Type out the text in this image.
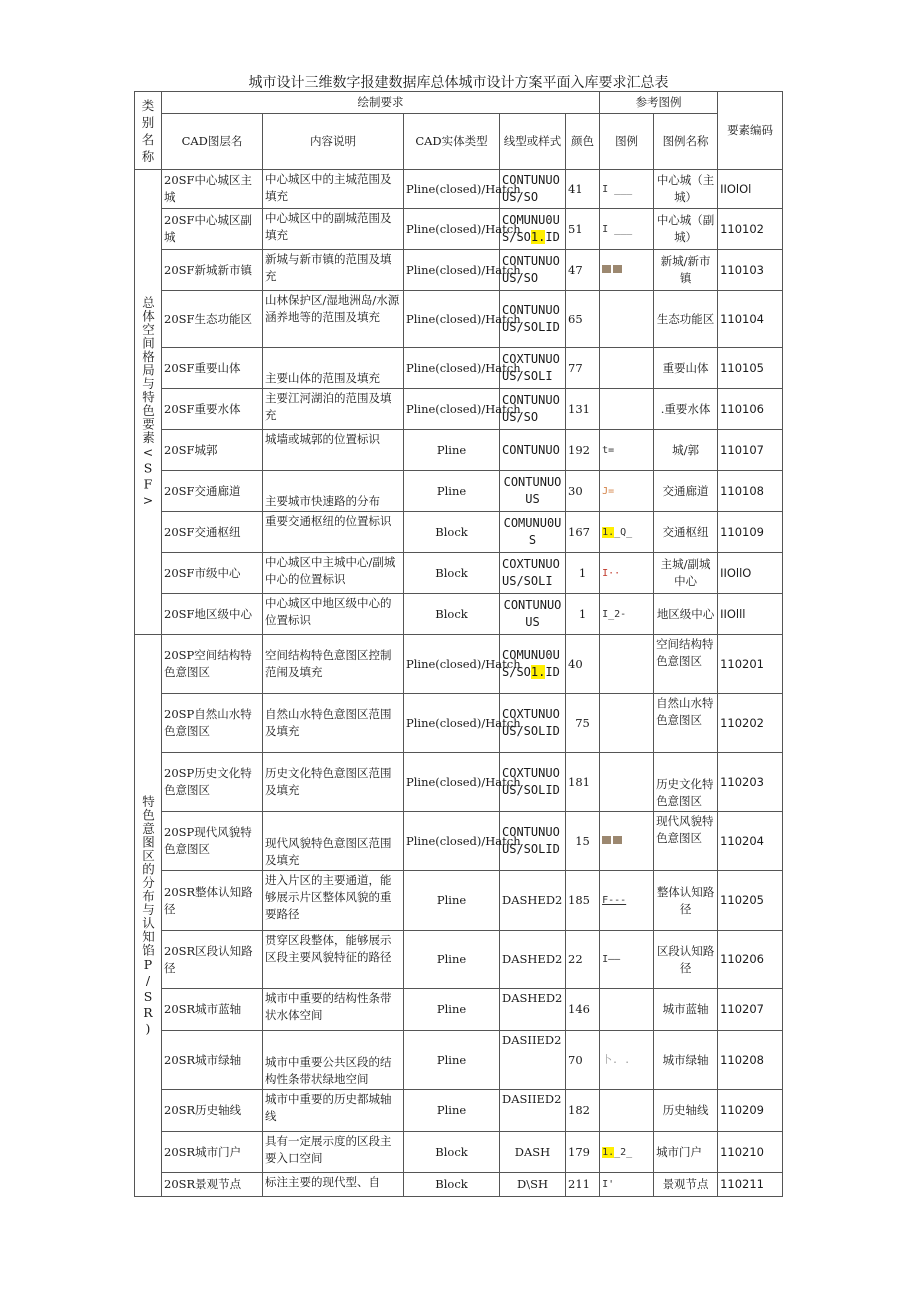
城市设计三维数字报建数据库总体城市设计方案平面入库要求汇总表
类别名称	绘制要求					参考图例		要素编码
	CAD图层名	内容说明	CAD实体类型	线型或样式	颜色	图例	图例名称	
总体空间格局与特色要素<SF>	20SF中心城区主城	中心城区中的主城范围及填充	Pline(closed)/Hatch	CONTUNUOUS/SO	41	I ___	中心城（主城）	IIOlOl
	20SF中心城区副城	中心城区中的副城范围及填充	Pline(closed)/Hatch	COMUNU0US/SO1.ID	51	I ___	中心城（副城）	110102
	20SF新城新市镇	新城与新市镇的范围及填充	Pline(closed)/Hatch	CONTUNUOUS/SO	47		新城/新市镇	110103
	20SF生态功能区	山林保护区/湿地洲岛/水源涵养地等的范围及填充	Pline(closed)/Hatch	CONTUNUOUS/SOLID	65		生态功能区	110104
	20SF重要山体	主要山体的范围及填充	Pline(closed)/Hatch	COXTUNUOUS/SOLI	77		重要山体	110105
	20SF重要水体	主要江河湖泊的范围及填充	Pline(closed)/Hatch	CONTUNUOUS/SO	131		.重要水体	110106
	20SF城郭	城墙或城郭的位置标识	Pline	CONTUNUO	192	t=	城/郭	110107
	20SF交通廊道	主要城市快速路的分布	Pline	CONTUNUOUS	30	J=	交通廊道	110108
	20SF交通枢纽	重要交通枢纽的位置标识	Block	COMUNU0US	167	1._Q_	交通枢纽	110109
	20SF市级中心	中心城区中主城中心/副城中心的位置标识	Block	COXTUNUOUS/SOLI	1	I··	主城/副城中心	IIOllO
	20SF地区级中心	中心城区中地区级中心的位置标识	Block	CONTUNUOUS	1	I_2-	地区级中心	IIOlll
特色意图区的分布与认知馅P/SR)	20SP空间结构特色意图区	空间结构特色意图区控制范闱及填充	Pline(closed)/Hatch	COMUNU0US/SO1.ID	40		空间结构特色意图区	110201
	20SP自然山水特色意图区	自然山水特色意图区范围及填充	Pline(closed)/Hatch	COXTUNUOUS/SOLID	75		自然山水特色意图区	110202
	20SP历史文化特色意图区	历史文化特色意图区范围及填充	Pline(closed)/Hatch	COXTUNUOUS/SOLID	181		历史文化特色意图区	110203
	20SP现代风貌特色意图区	现代风貌特色意图区范围及填充	Pline(closed)/Hatch	CONTUNUOUS/SOLID	15		现代风貌特色意图区	110204
	20SR整体认知路径	进入片区的主要通道，能够展示片区整体风貌的重要路径	Pline	DASHED2	185	F---	整体认知路径	110205
	20SR区段认知路径	贯穿区段整体，能够展示区段主要风貌特征的路径	Pline	DASHED2	22	I——	区段认知路径	110206
	20SR城市蓝轴	城市中重要的结构性条带状水体空间	Pline	DASHED2	146		城市蓝轴	110207
	20SR城市绿轴	城市中重要公共区段的结构性条带状绿地空间	Pline	DASIIED2	70	卜. .	城市绿轴	110208
	20SR历史轴线	城市中重要的历史都城轴线	Pline	DASIIED2	182		历史轴线	110209
	20SR城市门户	具有一定展示度的区段主要入口空间	Block	DASH	179	1._2_	城市门户	110210
	20SR景观节点	标注主要的现代型、自	Block	D\SH	211	I'	景观节点	110211
